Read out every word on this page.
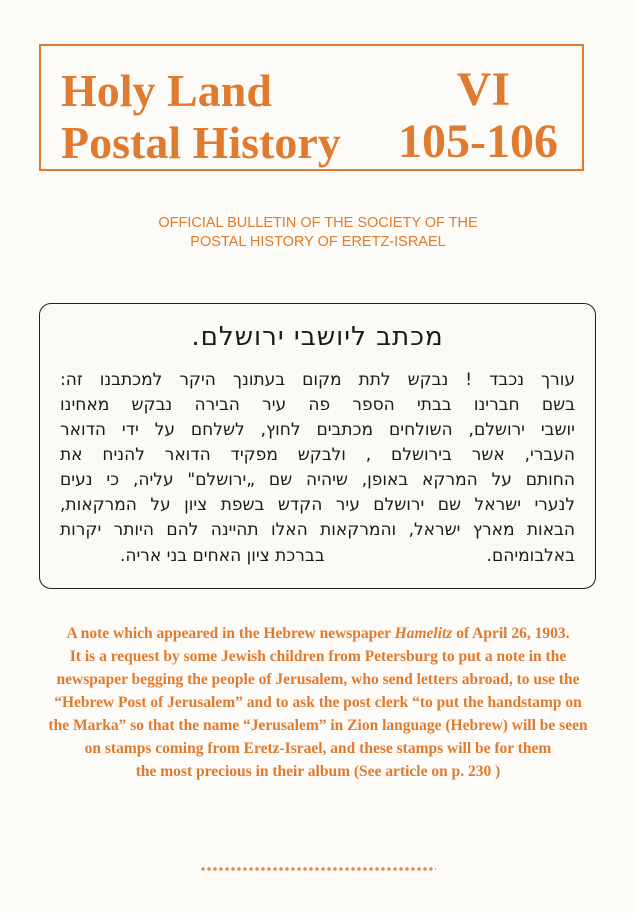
Holy Land
Postal History
VI
105-106
OFFICIAL BULLETIN OF THE SOCIETY OF THE
POSTAL HISTORY OF ERETZ-ISRAEL
מכתב ליושבי ירושלם.
עורך נכבד ! נבקש לתת מקום בעתונך היקר למכתבנו זה:
בשם חברינו בבתי הספר פה עיר הבירה נבקש מאחינו
יושבי ירושלם, השולחים מכתבים לחוץ, לשלחם על ידי הדואר
העברי, אשר בירושלם , ולבקש מפקיד הדואר להניח את
החותם על המרקא באופן, שיהיה שם „ירושלם" עליה, כי נעים
לנערי ישראל שם ירושלם עיר הקדש בשפת ציון על המרקאות,
הבאות מארץ ישראל, והמרקאות האלו תהיינה להם היותר יקרות
באלבומיהם.
בברכת ציון האחים בני אריה.
A note which appeared in the Hebrew newspaper Hamelitz of April 26, 1903.
It is a request by some Jewish children from Petersburg to put a note in the
newspaper begging the people of Jerusalem, who send letters abroad, to use the
“Hebrew Post of Jerusalem” and to ask the post clerk “to put the handstamp on
the Marka” so that the name “Jerusalem” in Zion language (Hebrew) will be seen
on stamps coming from Eretz-Israel, and these stamps will be for them
the most precious in their album (See article on p. 230 )
